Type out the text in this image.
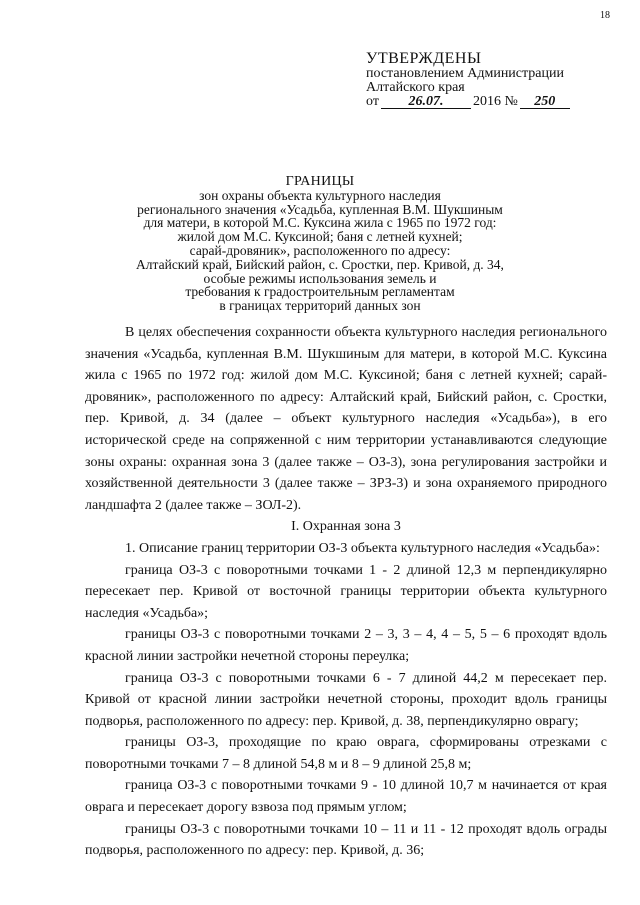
18
УТВЕРЖДЕНЫ
постановлением Администрации
Алтайского края
от	26.07.	2016 №	250
ГРАНИЦЫ
зон охраны объекта культурного наследия
регионального значения «Усадьба, купленная В.М. Шукшиным
для матери, в которой М.С. Куксина жила с 1965 по 1972 год:
жилой дом М.С. Куксиной; баня с летней кухней;
сарай-дровяник», расположенного по адресу:
Алтайский край, Бийский район, с. Сростки, пер. Кривой, д. 34,
особые режимы использования земель и
требования к градостроительным регламентам
в границах территорий данных зон

В целях обеспечения сохранности объекта культурного наследия регионального значения «Усадьба, купленная В.М. Шукшиным для матери, в которой М.С. Куксина жила с 1965 по 1972 год: жилой дом М.С. Куксиной; баня с летней кухней; сарай-дровяник», расположенного по адресу: Алтайский край, Бийский район, с. Сростки, пер. Кривой, д. 34 (далее – объект культурного наследия «Усадьба»), в его исторической среде на сопряженной с ним территории устанавливаются следующие зоны охраны: охранная зона 3 (далее также – ОЗ-3), зона регулирования застройки и хозяйственной деятельности 3 (далее также – ЗРЗ-3) и зона охраняемого природного ландшафта 2 (далее также – ЗОЛ-2).

I. Охранная зона 3

1. Описание границ территории ОЗ-3 объекта культурного наследия «Усадьба»:

граница ОЗ-3 с поворотными точками 1 - 2 длиной 12,3 м перпендикулярно пересекает пер. Кривой от восточной границы территории объекта культурного наследия «Усадьба»;

границы ОЗ-3 с поворотными точками 2 – 3, 3 – 4, 4 – 5, 5 – 6 проходят вдоль красной линии застройки нечетной стороны переулка;

граница ОЗ-3 с поворотными точками 6 - 7 длиной 44,2 м пересекает пер. Кривой от красной линии застройки нечетной стороны, проходит вдоль границы подворья, расположенного по адресу: пер. Кривой, д. 38, перпендикулярно оврагу;

границы ОЗ-3, проходящие по краю оврага, сформированы отрезками с поворотными точками 7 – 8 длиной 54,8 м и 8 – 9 длиной 25,8 м;

граница ОЗ-3 с поворотными точками 9 - 10 длиной 10,7 м начинается от края оврага и пересекает дорогу взвоза под прямым углом;

границы ОЗ-3 с поворотными точками 10 – 11 и 11 - 12 проходят вдоль ограды подворья, расположенного по адресу: пер. Кривой, д. 36;
